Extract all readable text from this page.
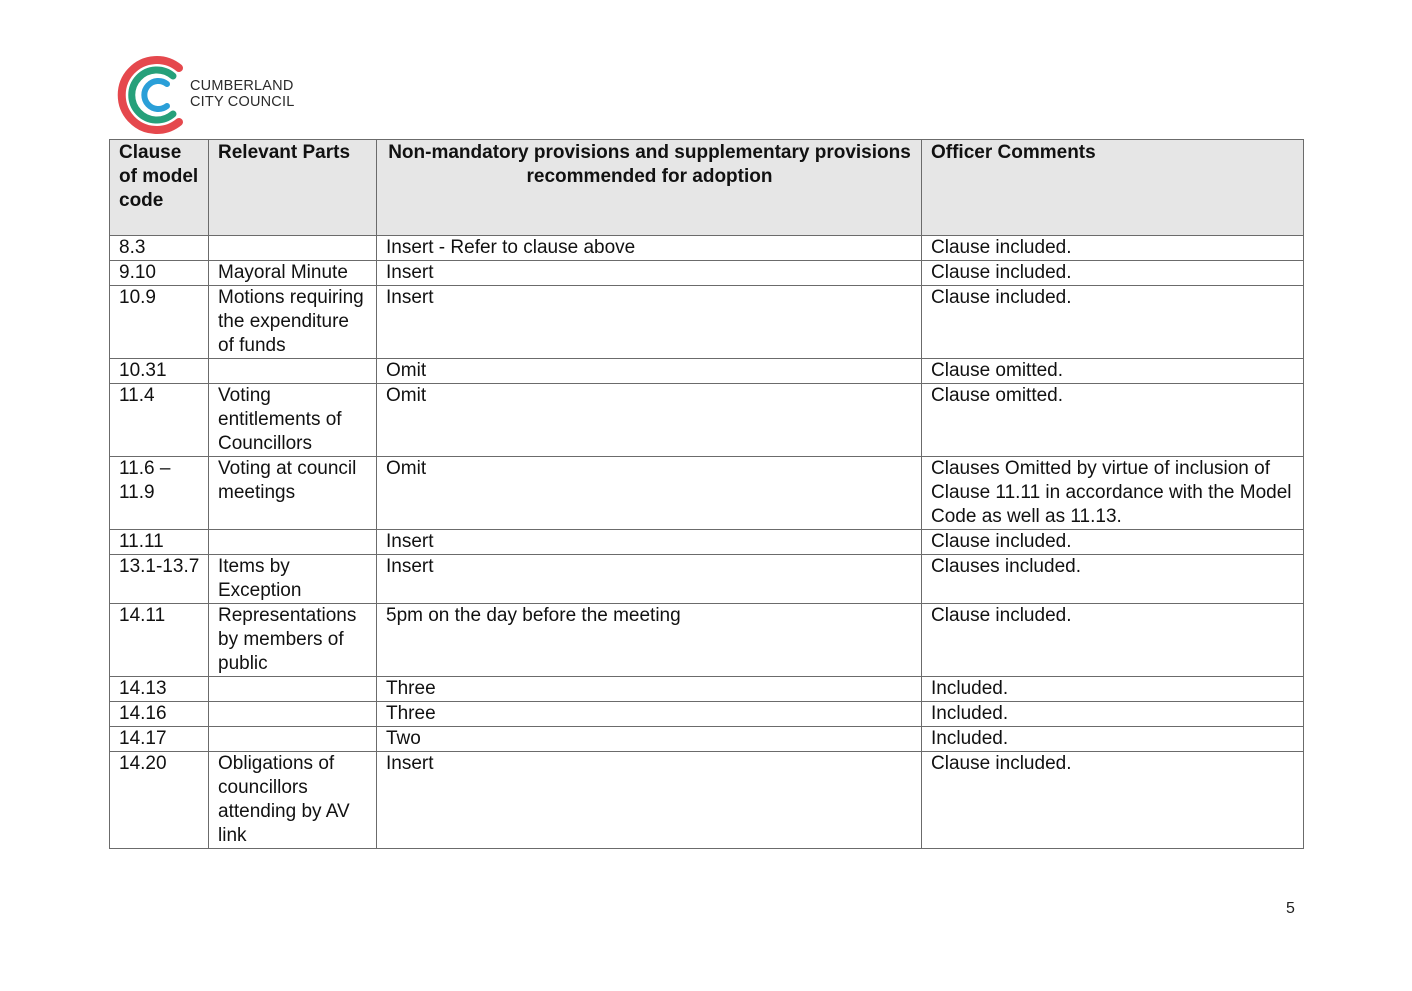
CUMBERLAND
CITY COUNCIL
Clause of model code	Relevant Parts	Non-mandatory provisions and supplementary provisions recommended for adoption	Officer Comments
8.3		Insert - Refer to clause above	Clause included.
9.10	Mayoral Minute	Insert	Clause included.
10.9	Motions requiring the expenditure of funds	Insert	Clause included.
10.31		Omit	Clause omitted.
11.4	Voting entitlements of Councillors	Omit	Clause omitted.
11.6 – 11.9	Voting at council meetings	Omit	Clauses Omitted by virtue of inclusion of Clause 11.11 in accordance with the Model Code as well as 11.13.
11.11		Insert	Clause included.
13.1-13.7	Items by Exception	Insert	Clauses included.
14.11	Representations by members of public	5pm on the day before the meeting	Clause included.
14.13		Three	Included.
14.16		Three	Included.
14.17		Two	Included.
14.20	Obligations of councillors attending by AV link	Insert	Clause included.
5
